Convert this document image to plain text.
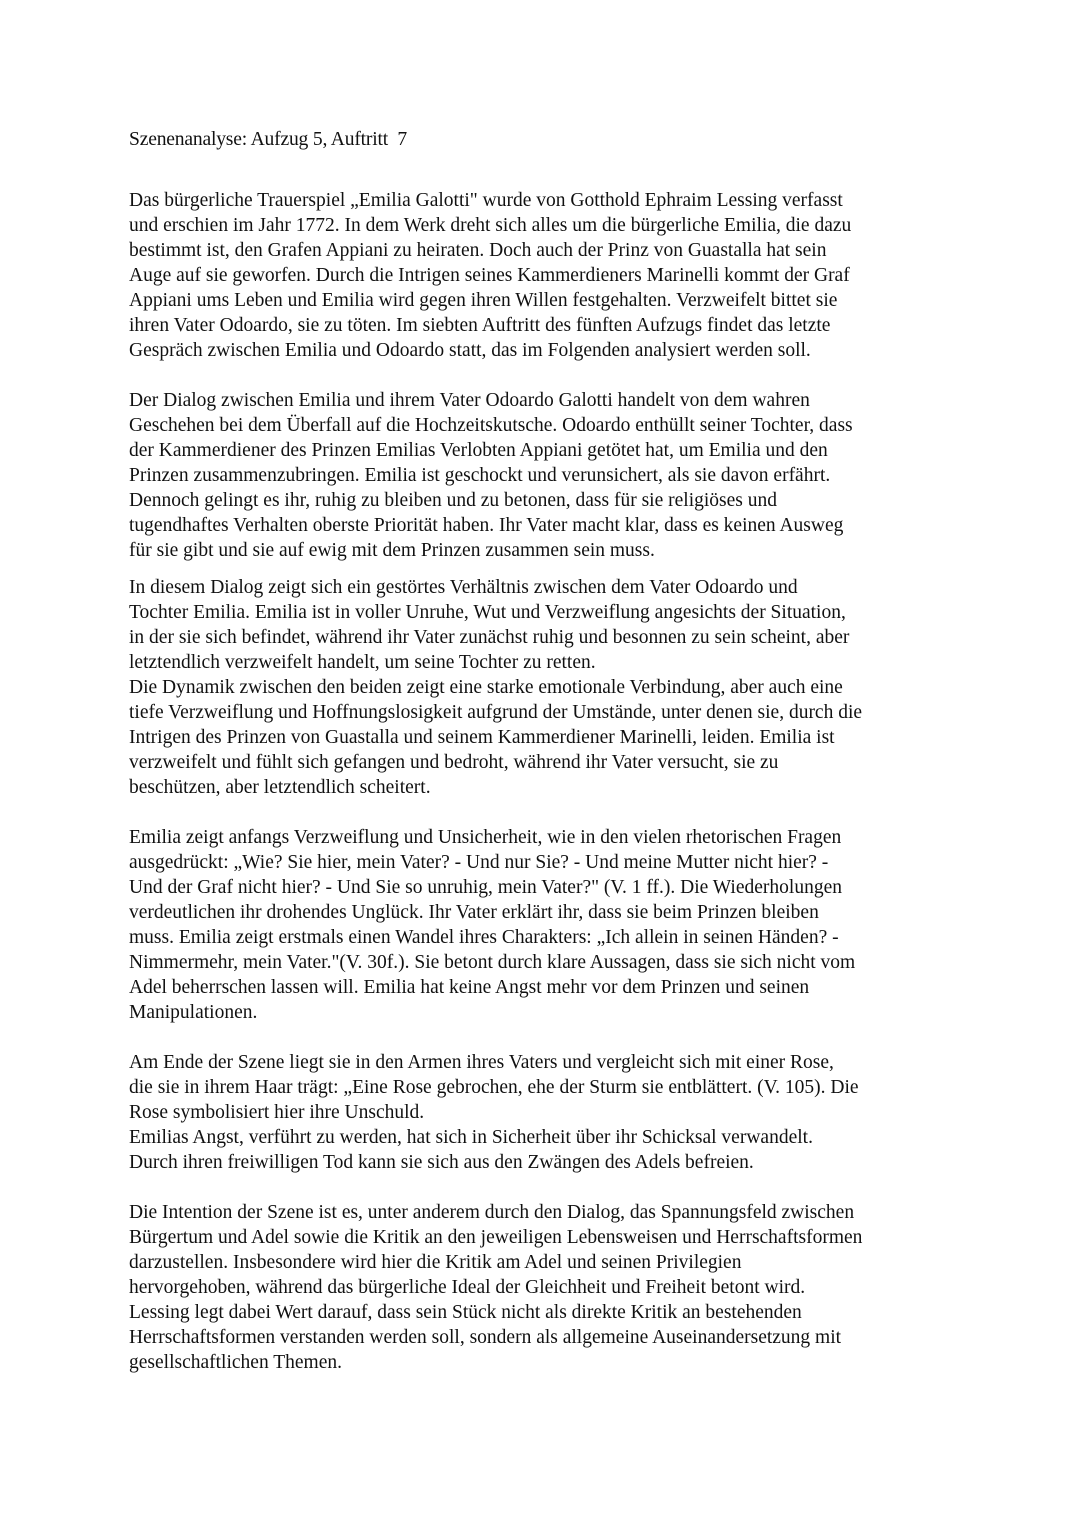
Szenenanalyse: Aufzug 5, Auftritt  7

Das bürgerliche Trauerspiel „Emilia Galotti" wurde von Gotthold Ephraim Lessing verfasst
und erschien im Jahr 1772. In dem Werk dreht sich alles um die bürgerliche Emilia, die dazu
bestimmt ist, den Grafen Appiani zu heiraten. Doch auch der Prinz von Guastalla hat sein
Auge auf sie geworfen. Durch die Intrigen seines Kammerdieners Marinelli kommt der Graf
Appiani ums Leben und Emilia wird gegen ihren Willen festgehalten. Verzweifelt bittet sie
ihren Vater Odoardo, sie zu töten. Im siebten Auftritt des fünften Aufzugs findet das letzte
Gespräch zwischen Emilia und Odoardo statt, das im Folgenden analysiert werden soll.

Der Dialog zwischen Emilia und ihrem Vater Odoardo Galotti handelt von dem wahren
Geschehen bei dem Überfall auf die Hochzeitskutsche. Odoardo enthüllt seiner Tochter, dass
der Kammerdiener des Prinzen Emilias Verlobten Appiani getötet hat, um Emilia und den
Prinzen zusammenzubringen. Emilia ist geschockt und verunsichert, als sie davon erfährt.
Dennoch gelingt es ihr, ruhig zu bleiben und zu betonen, dass für sie religiöses und
tugendhaftes Verhalten oberste Priorität haben. Ihr Vater macht klar, dass es keinen Ausweg
für sie gibt und sie auf ewig mit dem Prinzen zusammen sein muss.

In diesem Dialog zeigt sich ein gestörtes Verhältnis zwischen dem Vater Odoardo und
Tochter Emilia. Emilia ist in voller Unruhe, Wut und Verzweiflung angesichts der Situation,
in der sie sich befindet, während ihr Vater zunächst ruhig und besonnen zu sein scheint, aber
letztendlich verzweifelt handelt, um seine Tochter zu retten.

Die Dynamik zwischen den beiden zeigt eine starke emotionale Verbindung, aber auch eine
tiefe Verzweiflung und Hoffnungslosigkeit aufgrund der Umstände, unter denen sie, durch die
Intrigen des Prinzen von Guastalla und seinem Kammerdiener Marinelli, leiden. Emilia ist
verzweifelt und fühlt sich gefangen und bedroht, während ihr Vater versucht, sie zu
beschützen, aber letztendlich scheitert.

Emilia zeigt anfangs Verzweiflung und Unsicherheit, wie in den vielen rhetorischen Fragen
ausgedrückt: „Wie? Sie hier, mein Vater? - Und nur Sie? - Und meine Mutter nicht hier? -
Und der Graf nicht hier? - Und Sie so unruhig, mein Vater?" (V. 1 ff.). Die Wiederholungen
verdeutlichen ihr drohendes Unglück. Ihr Vater erklärt ihr, dass sie beim Prinzen bleiben
muss. Emilia zeigt erstmals einen Wandel ihres Charakters: „Ich allein in seinen Händen? -
Nimmermehr, mein Vater."(V. 30f.). Sie betont durch klare Aussagen, dass sie sich nicht vom
Adel beherrschen lassen will. Emilia hat keine Angst mehr vor dem Prinzen und seinen
Manipulationen.

Am Ende der Szene liegt sie in den Armen ihres Vaters und vergleicht sich mit einer Rose,
die sie in ihrem Haar trägt: „Eine Rose gebrochen, ehe der Sturm sie entblättert. (V. 105). Die
Rose symbolisiert hier ihre Unschuld.

Emilias Angst, verführt zu werden, hat sich in Sicherheit über ihr Schicksal verwandelt.
Durch ihren freiwilligen Tod kann sie sich aus den Zwängen des Adels befreien.

Die Intention der Szene ist es, unter anderem durch den Dialog, das Spannungsfeld zwischen
Bürgertum und Adel sowie die Kritik an den jeweiligen Lebensweisen und Herrschaftsformen
darzustellen. Insbesondere wird hier die Kritik am Adel und seinen Privilegien
hervorgehoben, während das bürgerliche Ideal der Gleichheit und Freiheit betont wird.
Lessing legt dabei Wert darauf, dass sein Stück nicht als direkte Kritik an bestehenden
Herrschaftsformen verstanden werden soll, sondern als allgemeine Auseinandersetzung mit
gesellschaftlichen Themen.
